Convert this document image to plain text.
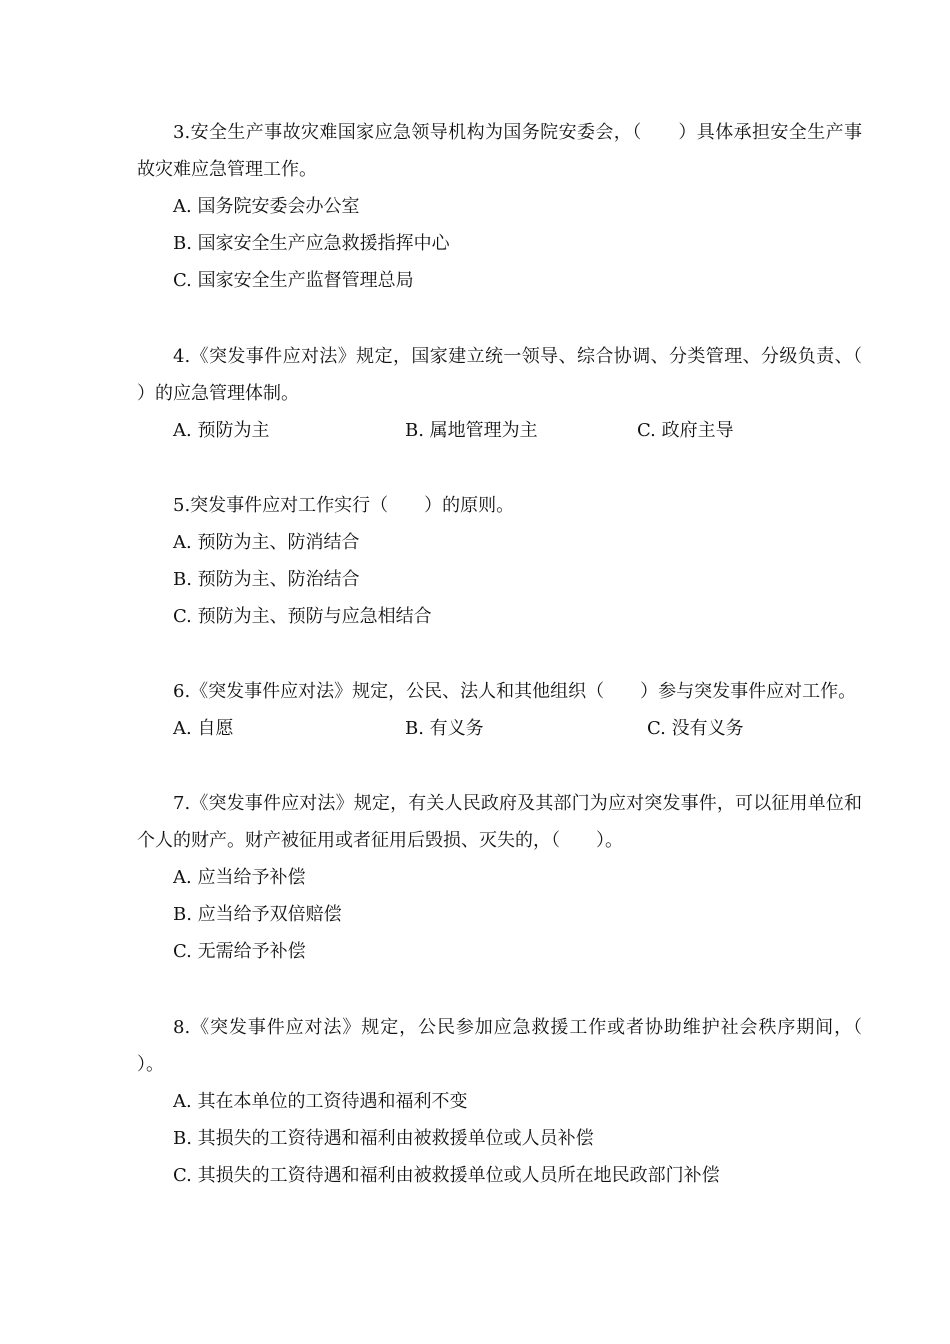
3.安全生产事故灾难国家应急领导机构为国务院安委会，（　　）具体承担安全生产事故灾难应急管理工作。

A. 国务院安委会办公室

B. 国家安全生产应急救援指挥中心

C. 国家安全生产监督管理总局

4.《突发事件应对法》规定，国家建立统一领导、综合协调、分类管理、分级负责、（　　）的应急管理体制。

A. 预防为主	B. 属地管理为主	C. 政府主导

5.突发事件应对工作实行（　　）的原则。

A. 预防为主、防消结合

B. 预防为主、防治结合

C. 预防为主、预防与应急相结合

6.《突发事件应对法》规定，公民、法人和其他组织（　　）参与突发事件应对工作。

A. 自愿	B. 有义务	C. 没有义务

7.《突发事件应对法》规定，有关人民政府及其部门为应对突发事件，可以征用单位和个人的财产。财产被征用或者征用后毁损、灭失的，（　　）。

A. 应当给予补偿

B. 应当给予双倍赔偿

C. 无需给予补偿

8.《突发事件应对法》规定，公民参加应急救援工作或者协助维护社会秩序期间，（　　）。

A. 其在本单位的工资待遇和福利不变

B. 其损失的工资待遇和福利由被救援单位或人员补偿

C. 其损失的工资待遇和福利由被救援单位或人员所在地民政部门补偿
